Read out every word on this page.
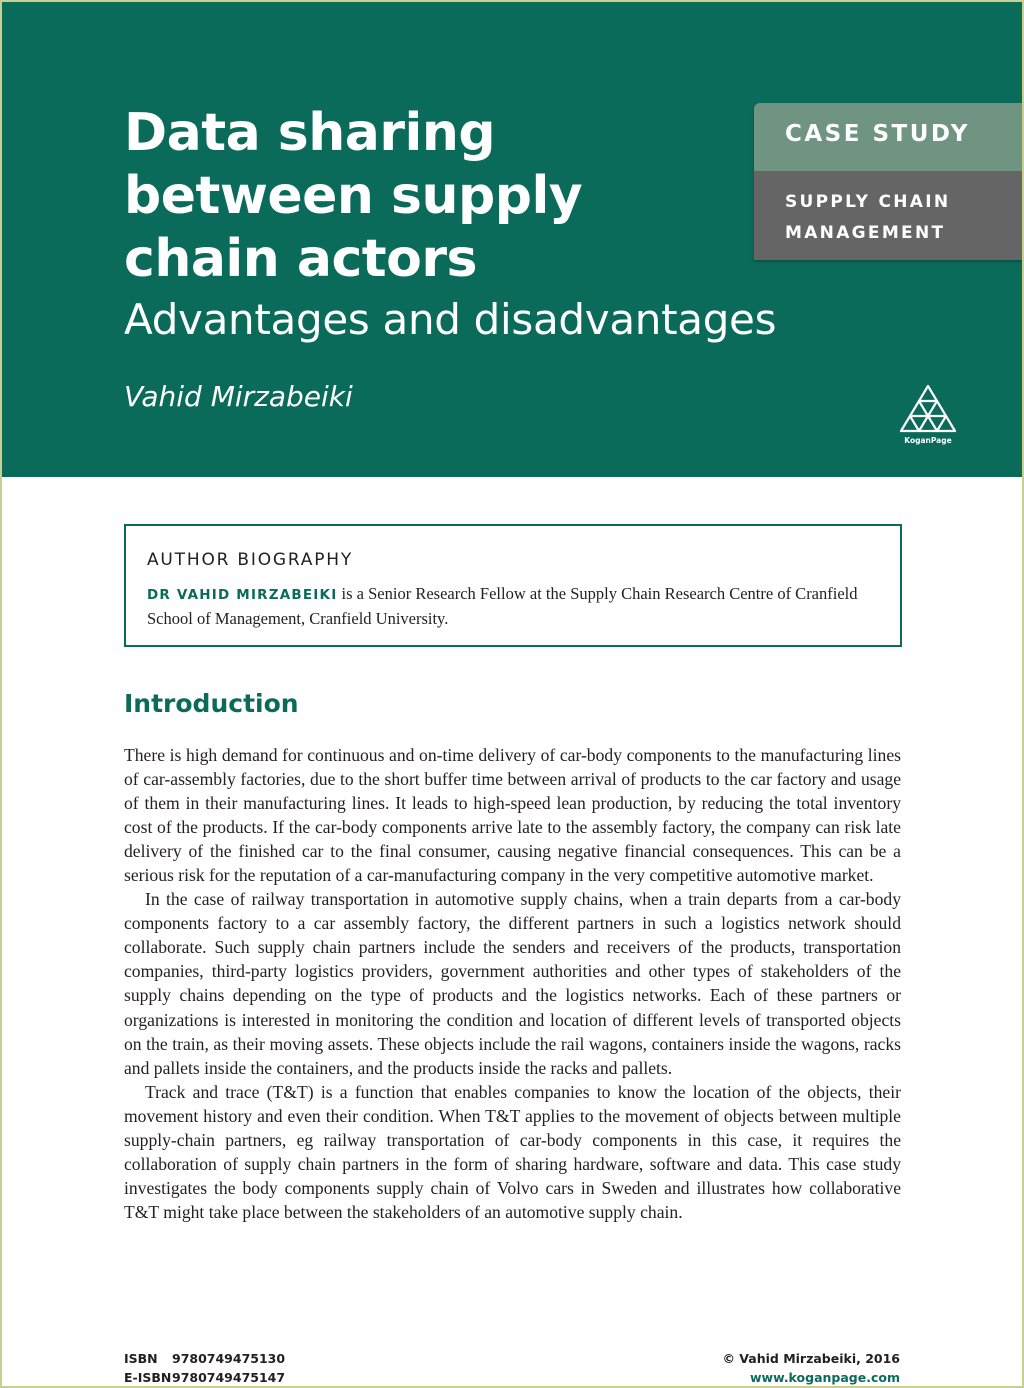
Data sharing
between supply
chain actors
Advantages and disadvantages
Vahid Mirzabeiki
CASE STUDY
SUPPLY CHAIN
MANAGEMENT
KoganPage
AUTHOR BIOGRAPHY
DR VAHID MIRZABEIKI is a Senior Research Fellow at the Supply Chain Research Centre of Cranfield School of Management, Cranfield University.
Introduction

There is high demand for continuous and on-time delivery of car-body components to the manufacturing lines of car-assembly factories, due to the short buffer time between arrival of products to the car factory and usage of them in their manufacturing lines. It leads to high-speed lean production, by reducing the total inventory cost of the products. If the car-body components arrive late to the assembly factory, the company can risk late delivery of the finished car to the final consumer, causing negative financial consequences. This can be a serious risk for the reputation of a car-manufacturing company in the very competitive automotive market.

In the case of railway transportation in automotive supply chains, when a train departs from a car-body components factory to a car assembly factory, the different partners in such a logistics network should collaborate. Such supply chain partners include the senders and receivers of the products, transportation companies, third-party logistics providers, government authorities and other types of stakeholders of the supply chains depending on the type of products and the logistics networks. Each of these partners or organizations is interested in monitoring the condition and location of different levels of transported objects on the train, as their moving assets. These objects include the rail wagons, containers inside the wagons, racks and pallets inside the containers, and the products inside the racks and pallets.

Track and trace (T&T) is a function that enables companies to know the location of the objects, their movement history and even their condition. When T&T applies to the movement of objects between multiple supply-chain partners, eg railway transportation of car-body components in this case, it requires the collaboration of supply chain partners in the form of sharing hardware, software and data. This case study investigates the body components supply chain of Volvo cars in Sweden and illustrates how collaborative T&T might take place between the stakeholders of an automotive supply chain.

ISBN 9780749475130
E-ISBN9780749475147
© Vahid Mirzabeiki, 2016
www.koganpage.com
